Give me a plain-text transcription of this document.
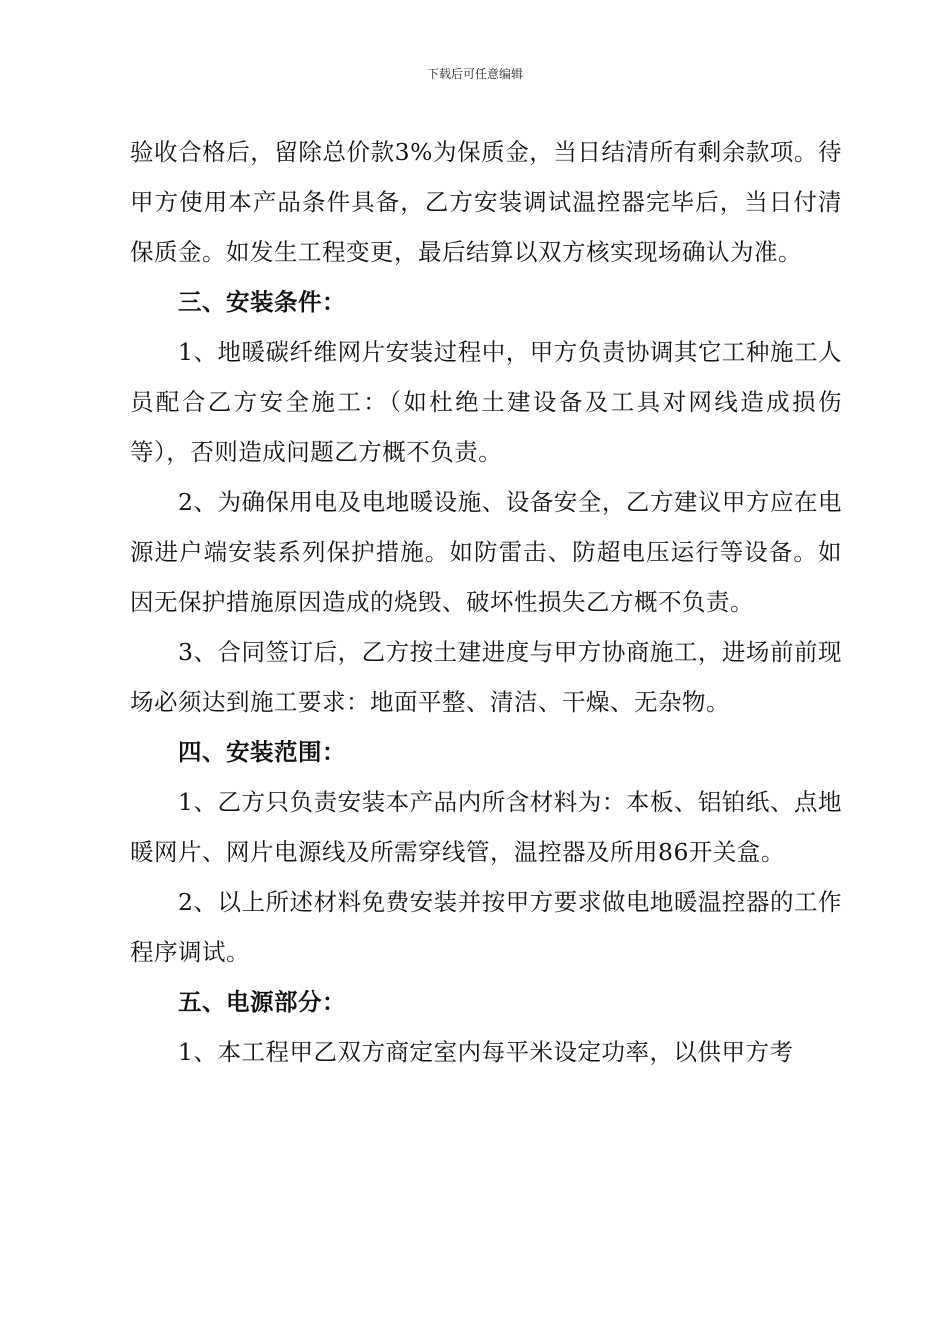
下载后可任意编辑

验收合格后，留除总价款3%为保质金，当日结清所有剩余款项。待甲方使用本产品条件具备，乙方安装调试温控器完毕后，当日付清保质金。如发生工程变更，最后结算以双方核实现场确认为准。

三、安装条件：

1、地暖碳纤维网片安装过程中，甲方负责协调其它工种施工人员配合乙方安全施工：（如杜绝土建设备及工具对网线造成损伤等），否则造成问题乙方概不负责。

2、为确保用电及电地暖设施、设备安全，乙方建议甲方应在电源进户端安装系列保护措施。如防雷击、防超电压运行等设备。如因无保护措施原因造成的烧毁、破坏性损失乙方概不负责。

3、合同签订后，乙方按土建进度与甲方协商施工，进场前前现场必须达到施工要求：地面平整、清洁、干燥、无杂物。

四、安装范围：

1、乙方只负责安装本产品内所含材料为：本板、铝铂纸、点地暖网片、网片电源线及所需穿线管，温控器及所用86开关盒。

2、以上所述材料免费安装并按甲方要求做电地暖温控器的工作程序调试。

五、电源部分：

1、本工程甲乙双方商定室内每平米设定功率，以供甲方考
